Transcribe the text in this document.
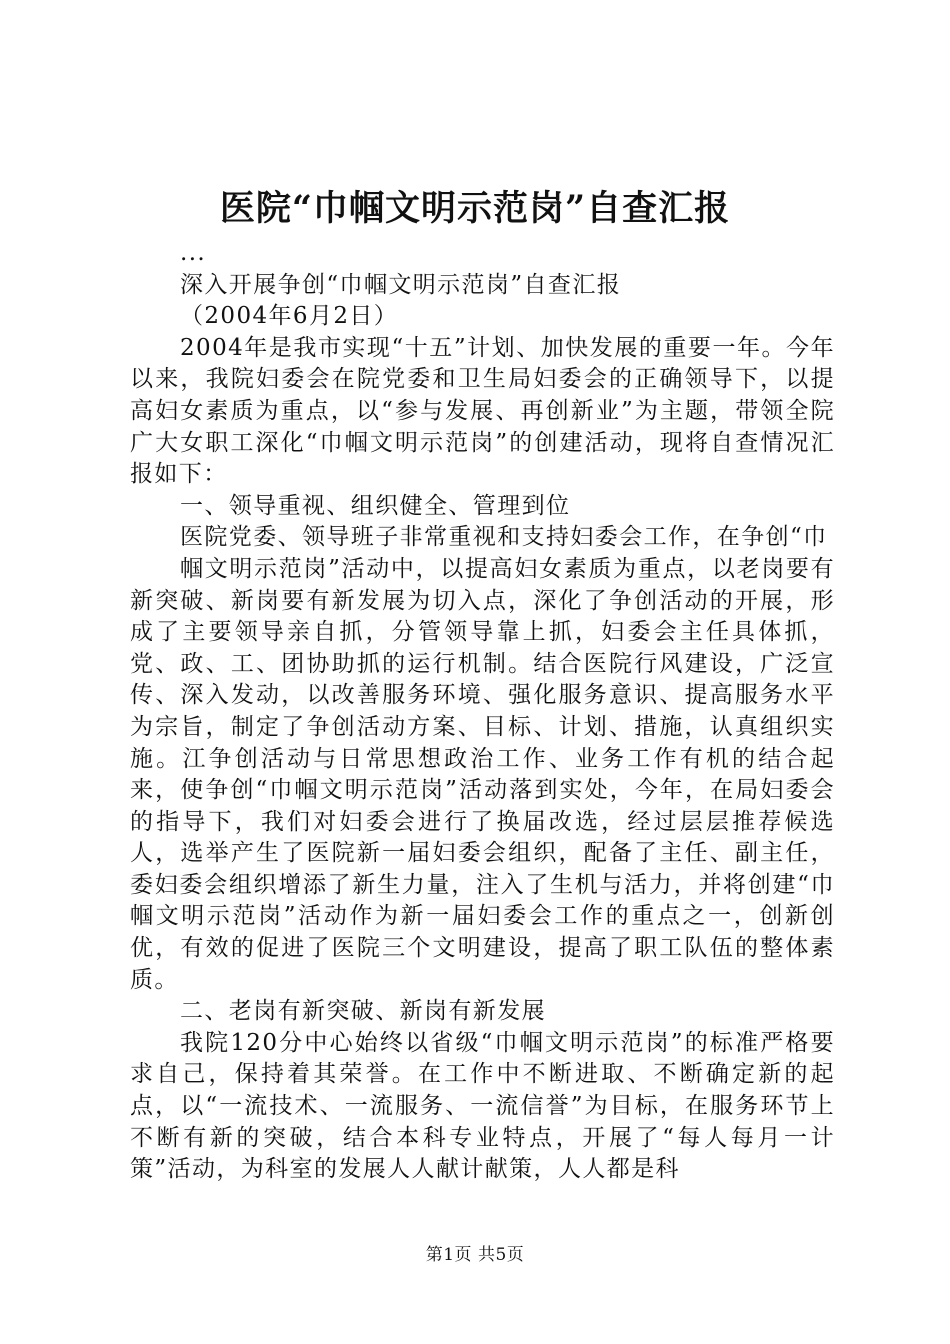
医院“巾帼文明示范岗”自查汇报

...

深入开展争创“巾帼文明示范岗”自查汇报

（2004年6月2日）

2004年是我市实现“十五”计划、加快发展的重要一年。今年以来，我院妇委会在院党委和卫生局妇委会的正确领导下，以提高妇女素质为重点，以“参与发展、再创新业”为主题，带领全院广大女职工深化“巾帼文明示范岗”的创建活动，现将自查情况汇报如下：

一、领导重视、组织健全、管理到位

医院党委、领导班子非常重视和支持妇委会工作，在争创“巾

帼文明示范岗”活动中，以提高妇女素质为重点，以老岗要有新突破、新岗要有新发展为切入点，深化了争创活动的开展，形成了主要领导亲自抓，分管领导靠上抓，妇委会主任具体抓，党、政、工、团协助抓的运行机制。结合医院行风建设，广泛宣传、深入发动，以改善服务环境、强化服务意识、提高服务水平为宗旨，制定了争创活动方案、目标、计划、措施，认真组织实施。江争创活动与日常思想政治工作、业务工作有机的结合起来，使争创“巾帼文明示范岗”活动落到实处，今年，在局妇委会的指导下，我们对妇委会进行了换届改选，经过层层推荐候选人，选举产生了医院新一届妇委会组织，配备了主任、副主任，委妇委会组织增添了新生力量，注入了生机与活力，并将创建“巾帼文明示范岗”活动作为新一届妇委会工作的重点之一，创新创优，有效的促进了医院三个文明建设，提高了职工队伍的整体素质。

二、老岗有新突破、新岗有新发展

我院120分中心始终以省级“巾帼文明示范岗”的标准严格要求自己，保持着其荣誉。在工作中不断进取、不断确定新的起点，以“一流技术、一流服务、一流信誉”为目标，在服务环节上不断有新的突破，结合本科专业特点，开展了“每人每月一计策”活动，为科室的发展人人献计献策，人人都是科

第1页 共5页
